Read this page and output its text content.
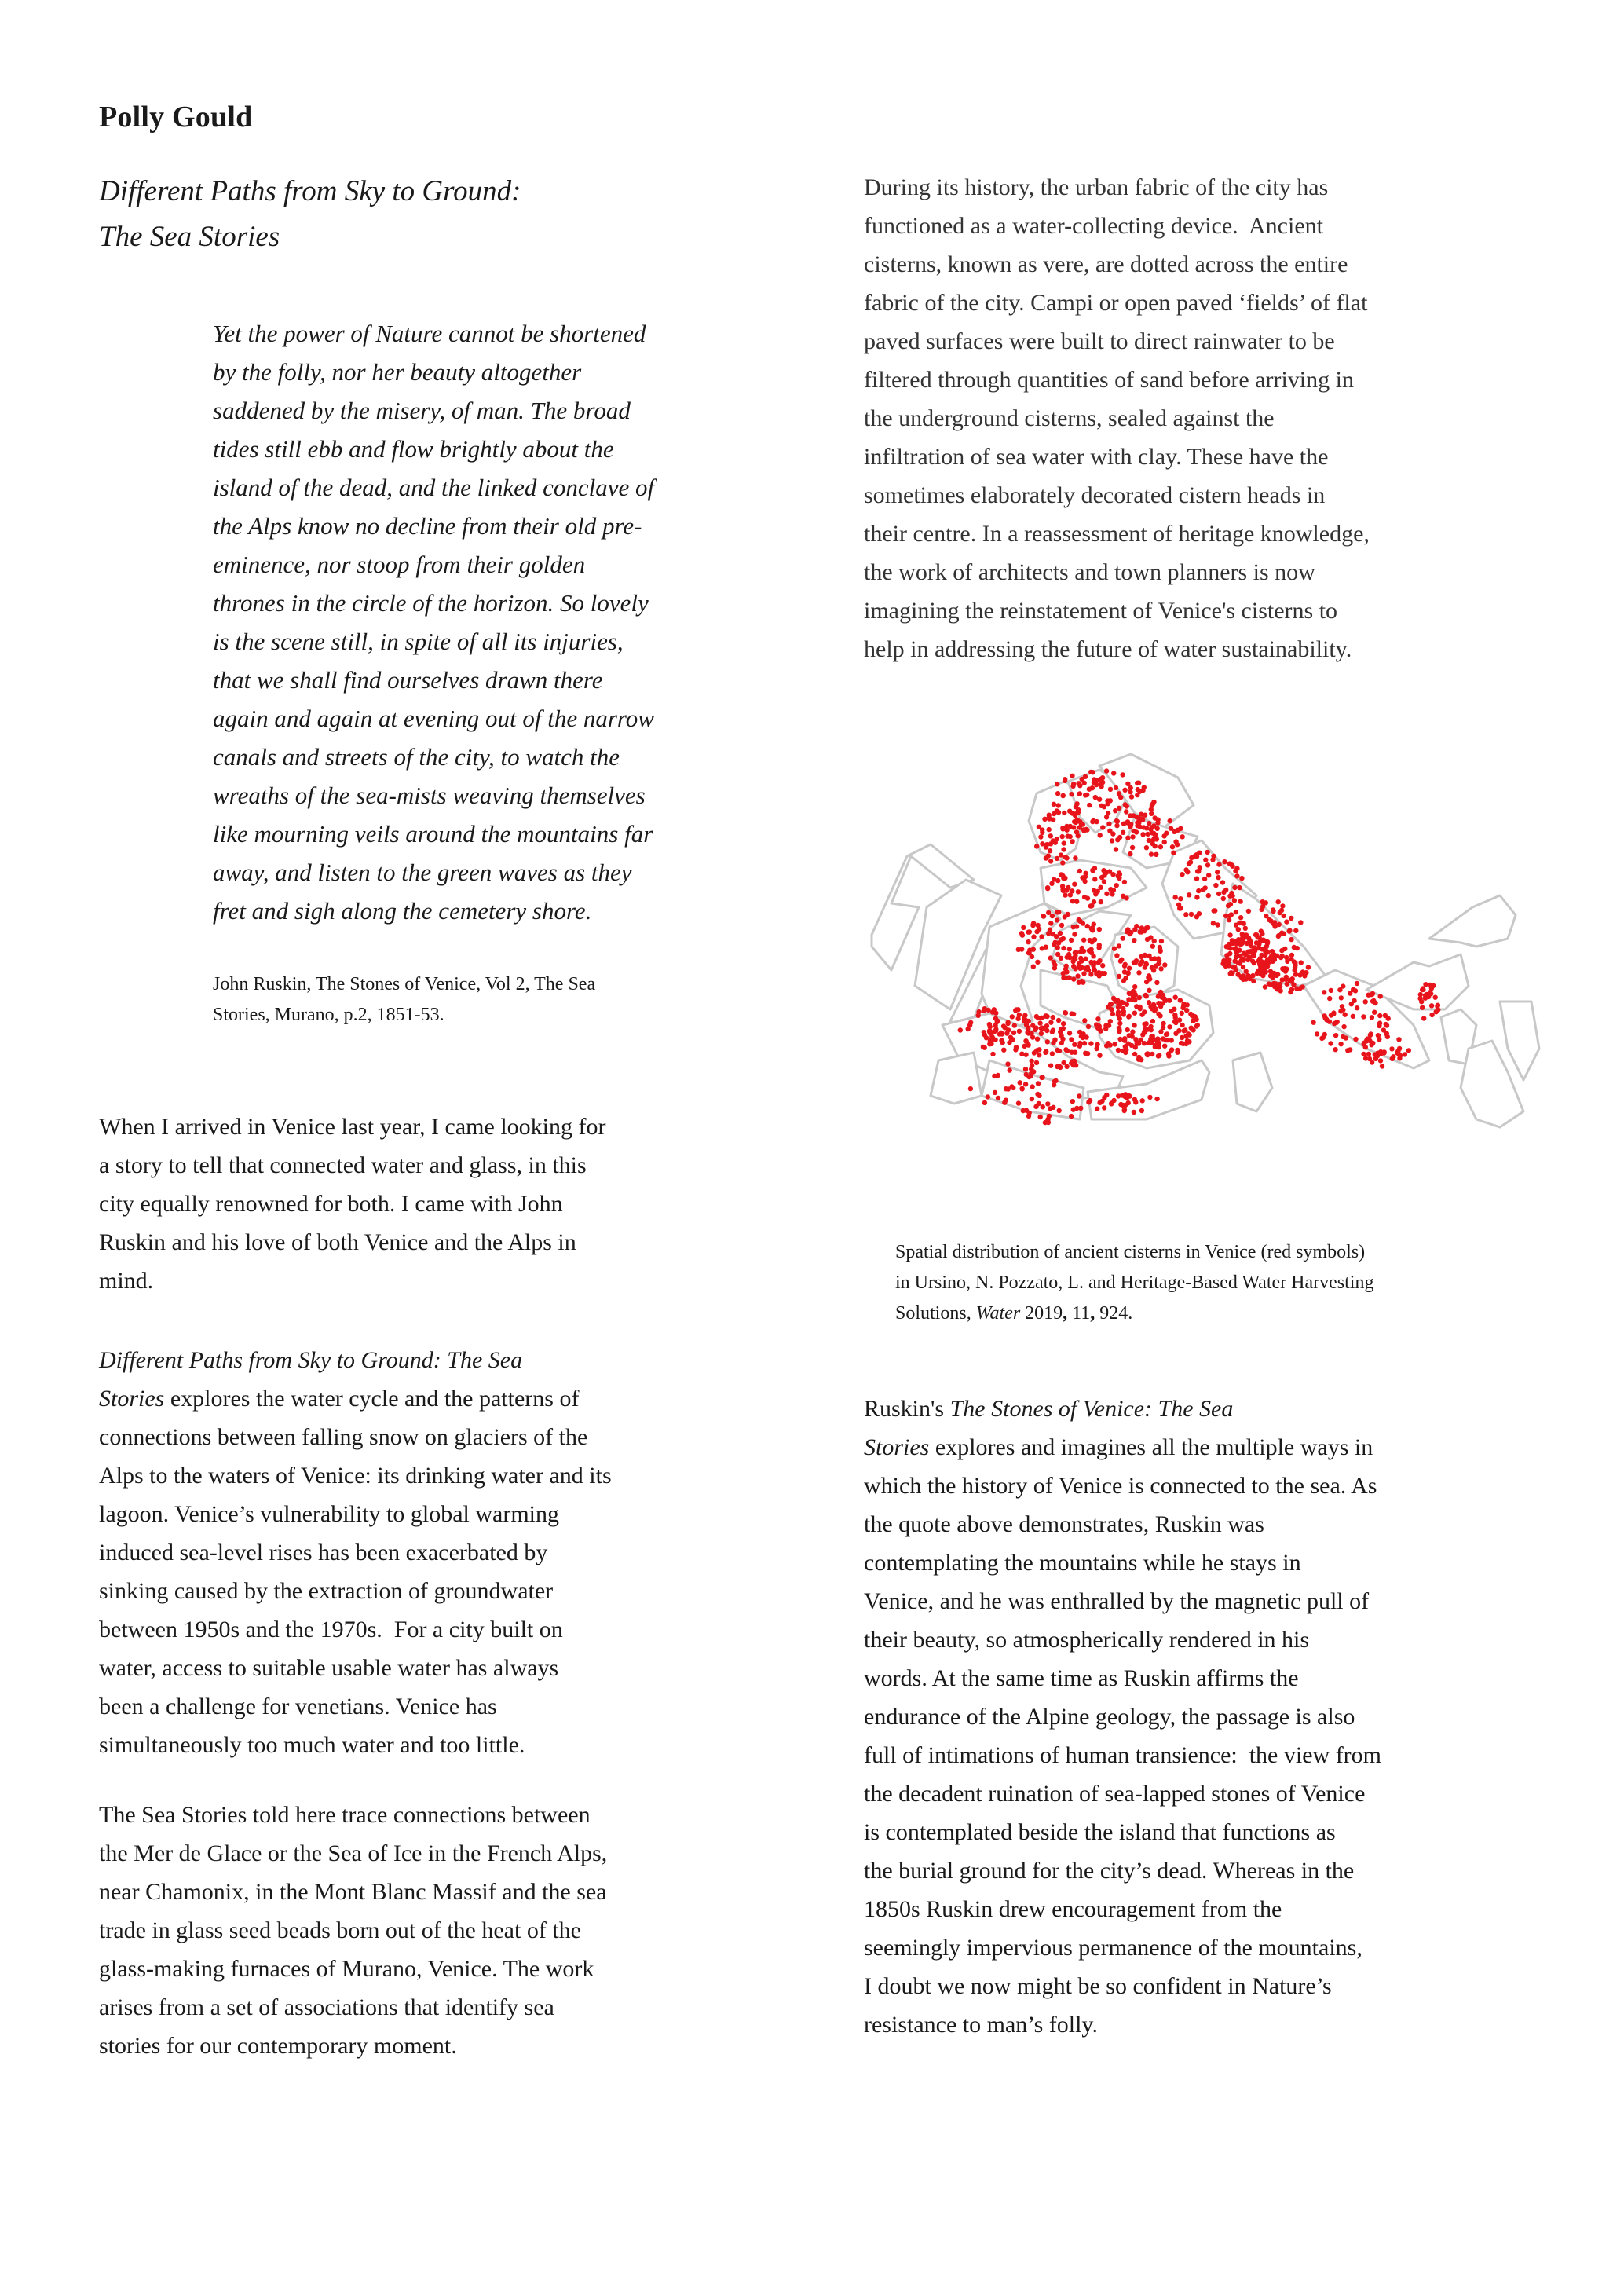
Polly Gould
Different Paths from Sky to Ground:
The Sea Stories
Yet the power of Nature cannot be shortened
by the folly, nor her beauty altogether
saddened by the misery, of man. The broad
tides still ebb and flow brightly about the
island of the dead, and the linked conclave of
the Alps know no decline from their old pre-
eminence, nor stoop from their golden
thrones in the circle of the horizon. So lovely
is the scene still, in spite of all its injuries,
that we shall find ourselves drawn there
again and again at evening out of the narrow
canals and streets of the city, to watch the
wreaths of the sea-mists weaving themselves
like mourning veils around the mountains far
away, and listen to the green waves as they
fret and sigh along the cemetery shore.
John Ruskin, The Stones of Venice, Vol 2, The Sea
Stories, Murano, p.2, 1851-53.
When I arrived in Venice last year, I came looking for
a story to tell that connected water and glass, in this
city equally renowned for both. I came with John
Ruskin and his love of both Venice and the Alps in
mind.
Different Paths from Sky to Ground: The Sea
Stories explores the water cycle and the patterns of
connections between falling snow on glaciers of the
Alps to the waters of Venice: its drinking water and its
lagoon. Venice’s vulnerability to global warming
induced sea-level rises has been exacerbated by
sinking caused by the extraction of groundwater
between 1950s and the 1970s.  For a city built on
water, access to suitable usable water has always
been a challenge for venetians. Venice has
simultaneously too much water and too little.
The Sea Stories told here trace connections between
the Mer de Glace or the Sea of Ice in the French Alps,
near Chamonix, in the Mont Blanc Massif and the sea
trade in glass seed beads born out of the heat of the
glass-making furnaces of Murano, Venice. The work
arises from a set of associations that identify sea
stories for our contemporary moment.
During its history, the urban fabric of the city has
functioned as a water-collecting device.  Ancient
cisterns, known as vere, are dotted across the entire
fabric of the city. Campi or open paved ‘fields’ of flat
paved surfaces were built to direct rainwater to be
filtered through quantities of sand before arriving in
the underground cisterns, sealed against the
infiltration of sea water with clay. These have the
sometimes elaborately decorated cistern heads in
their centre. In a reassessment of heritage knowledge,
the work of architects and town planners is now
imagining the reinstatement of Venice's cisterns to
help in addressing the future of water sustainability.
Spatial distribution of ancient cisterns in Venice (red symbols)
in Ursino, N. Pozzato, L. and Heritage-Based Water Harvesting
Solutions, Water 2019, 11, 924.
Ruskin's The Stones of Venice: The Sea
Stories explores and imagines all the multiple ways in
which the history of Venice is connected to the sea. As
the quote above demonstrates, Ruskin was
contemplating the mountains while he stays in
Venice, and he was enthralled by the magnetic pull of
their beauty, so atmospherically rendered in his
words. At the same time as Ruskin affirms the
endurance of the Alpine geology, the passage is also
full of intimations of human transience:  the view from
the decadent ruination of sea-lapped stones of Venice
is contemplated beside the island that functions as
the burial ground for the city’s dead. Whereas in the
1850s Ruskin drew encouragement from the
seemingly impervious permanence of the mountains,
I doubt we now might be so confident in Nature’s
resistance to man’s folly.
